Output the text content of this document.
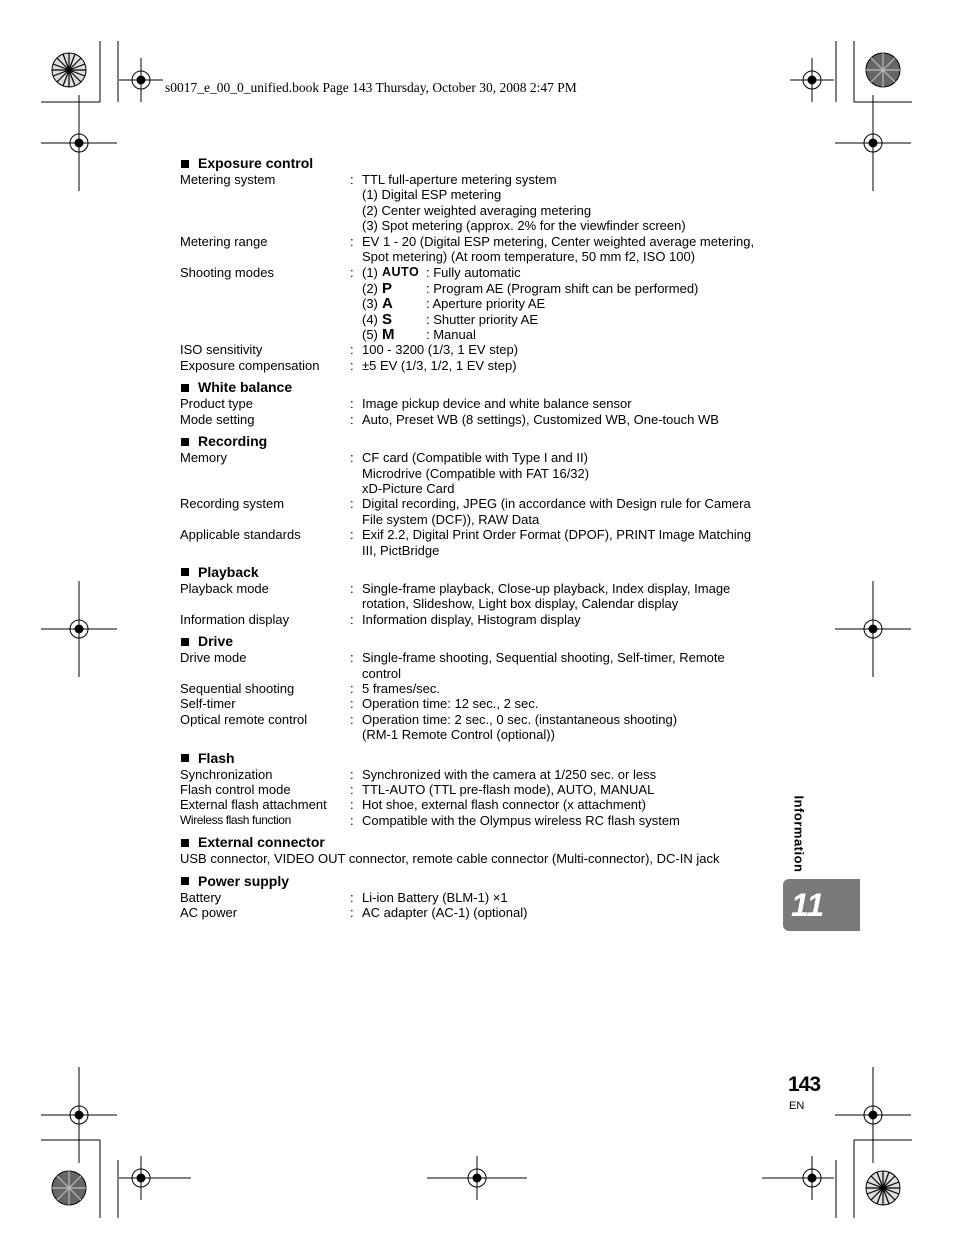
s0017_e_00_0_unified.book Page 143 Thursday, October 30, 2008 2:47 PM
Exposure control
Metering system	: TTL full-aperture metering system
(1) Digital ESP metering
(2) Center weighted averaging metering
(3) Spot metering (approx. 2% for the viewfinder screen)
Metering range	: EV 1 - 20 (Digital ESP metering, Center weighted average metering,
Spot metering) (At room temperature, 50 mm f2, ISO 100)
Shooting modes	: (1) AUTO : Fully automatic
(2) P	: Program AE (Program shift can be performed)
(3) A	: Aperture priority AE
(4) S	: Shutter priority AE
(5) M	: Manual
ISO sensitivity	: 100 - 3200 (1/3, 1 EV step)
Exposure compensation	: ±5 EV (1/3, 1/2, 1 EV step)
White balance
Product type	: Image pickup device and white balance sensor
Mode setting	: Auto, Preset WB (8 settings), Customized WB, One-touch WB
Recording
Memory	: CF card (Compatible with Type I and II)
Microdrive (Compatible with FAT 16/32)
xD-Picture Card
Recording system	: Digital recording, JPEG (in accordance with Design rule for Camera
File system (DCF)), RAW Data
Applicable standards	: Exif 2.2, Digital Print Order Format (DPOF), PRINT Image Matching
III, PictBridge
Playback
Playback mode	: Single-frame playback, Close-up playback, Index display, Image
rotation, Slideshow, Light box display, Calendar display
Information display	: Information display, Histogram display
Drive
Drive mode	: Single-frame shooting, Sequential shooting, Self-timer, Remote
control
Sequential shooting	: 5 frames/sec.
Self-timer	: Operation time: 12 sec., 2 sec.
Optical remote control	: Operation time: 2 sec., 0 sec. (instantaneous shooting)
(RM-1 Remote Control (optional))
Flash
Synchronization	: Synchronized with the camera at 1/250 sec. or less
Flash control mode	: TTL-AUTO (TTL pre-flash mode), AUTO, MANUAL
External flash attachment	: Hot shoe, external flash connector (x attachment)
Wireless flash function	: Compatible with the Olympus wireless RC flash system
External connector
USB connector, VIDEO OUT connector, remote cable connector (Multi-connector), DC-IN jack
Power supply
Battery	: Li-ion Battery (BLM-1) ×1
AC power	: AC adapter (AC-1) (optional)
Information
11
143
EN
